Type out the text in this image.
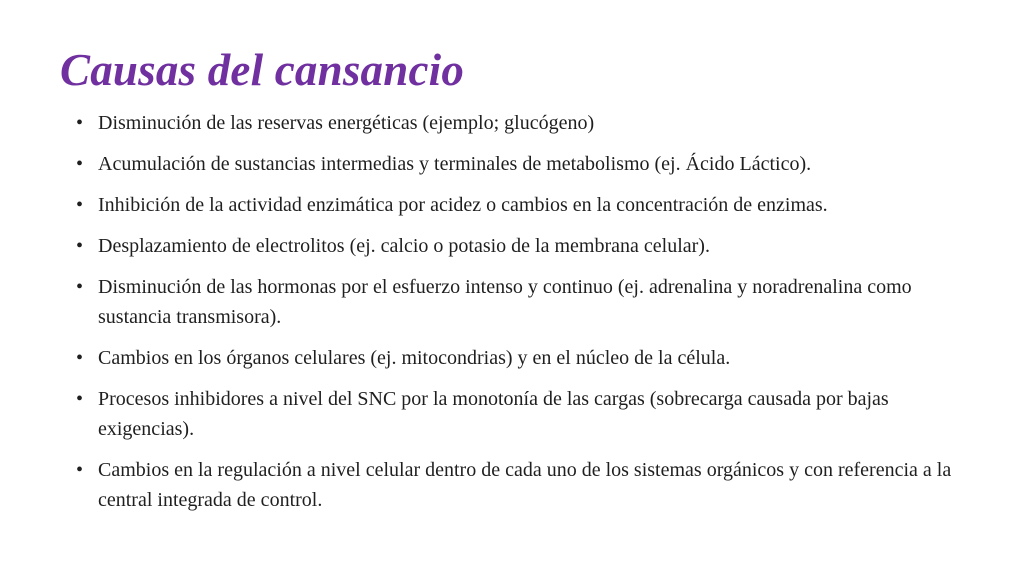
Causas del cansancio
• Disminución de las reservas energéticas (ejemplo; glucógeno)
• Acumulación de sustancias intermedias y terminales de metabolismo (ej. Ácido Láctico).
• Inhibición de la actividad enzimática por acidez o cambios en la concentración de enzimas.
• Desplazamiento de electrolitos (ej. calcio o potasio de la membrana celular).
• Disminución de las hormonas por el esfuerzo intenso y continuo (ej. adrenalina y noradrenalina como sustancia transmisora).
• Cambios en los órganos celulares (ej. mitocondrias) y en el núcleo de la célula.
• Procesos inhibidores a nivel del SNC por la monotonía de las cargas (sobrecarga causada por bajas exigencias).
• Cambios en la regulación a nivel celular dentro de cada uno de los sistemas orgánicos y con referencia a la central integrada de control.
